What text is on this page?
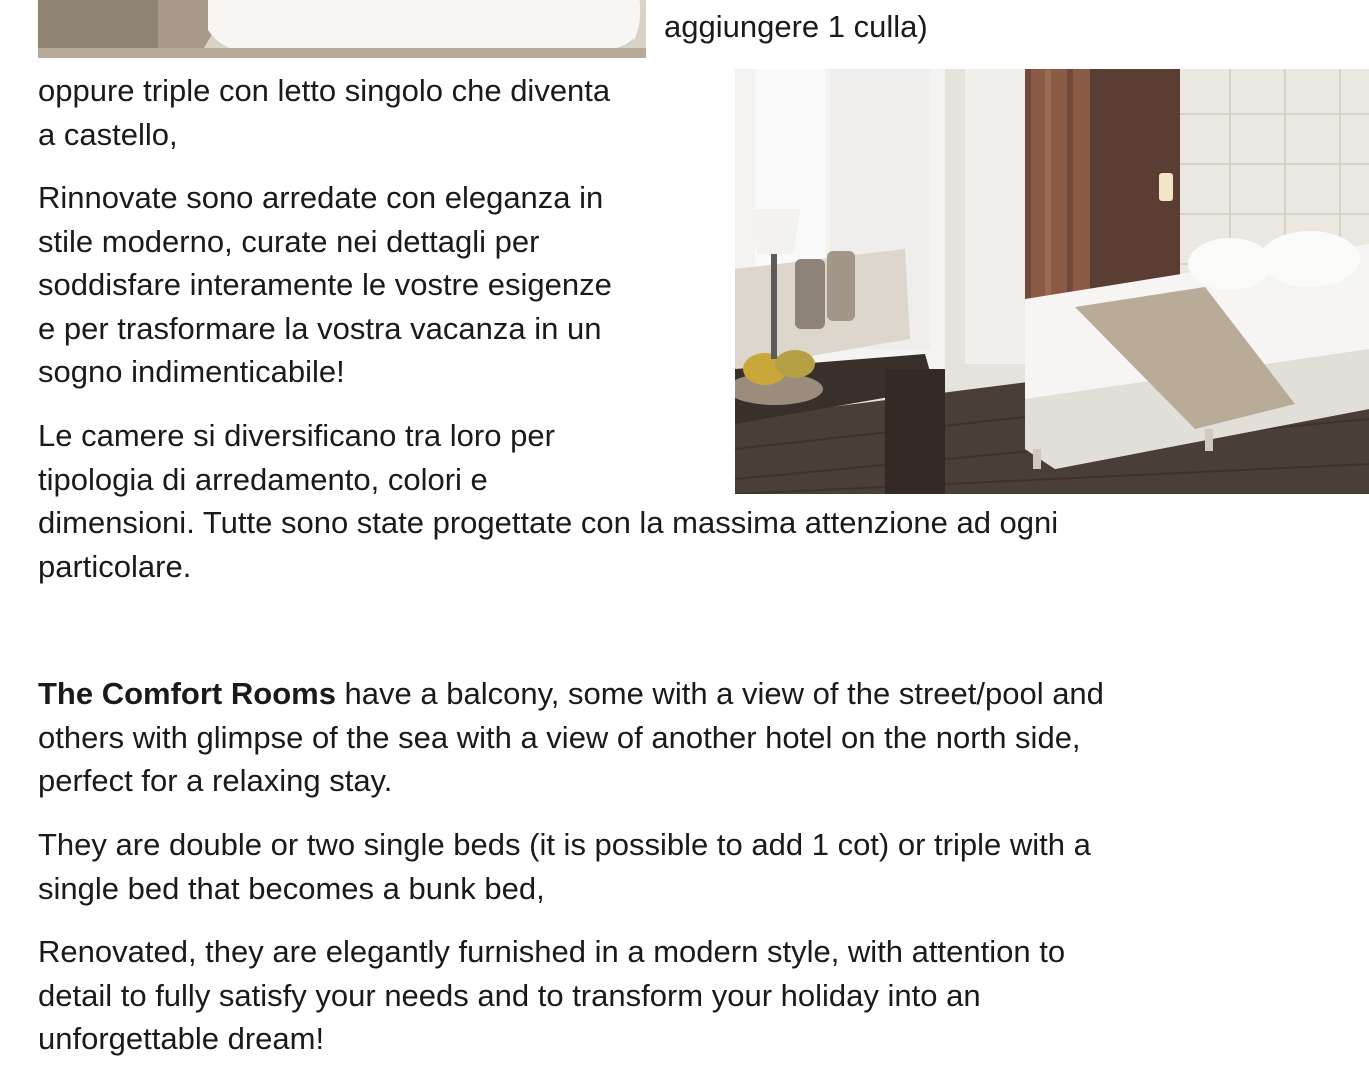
aggiungere 1 culla)

oppure triple con letto singolo che diventa

a castello,

Rinnovate sono arredate con eleganza in

stile moderno, curate nei dettagli per

soddisfare interamente le vostre esigenze

e per trasformare la vostra vacanza in un

sogno indimenticabile!

Le camere si diversificano tra loro per

tipologia di arredamento, colori e

dimensioni. Tutte sono state progettate con la massima attenzione ad ogni

particolare.

The Comfort Rooms have a balcony, some with a view of the street/pool and

others with glimpse of the sea with a view of another hotel on the north side,

perfect for a relaxing stay.

They are double or two single beds (it is possible to add 1 cot) or triple with a

single bed that becomes a bunk bed,

Renovated, they are elegantly furnished in a modern style, with attention to

detail to fully satisfy your needs and to transform your holiday into an

unforgettable dream!
